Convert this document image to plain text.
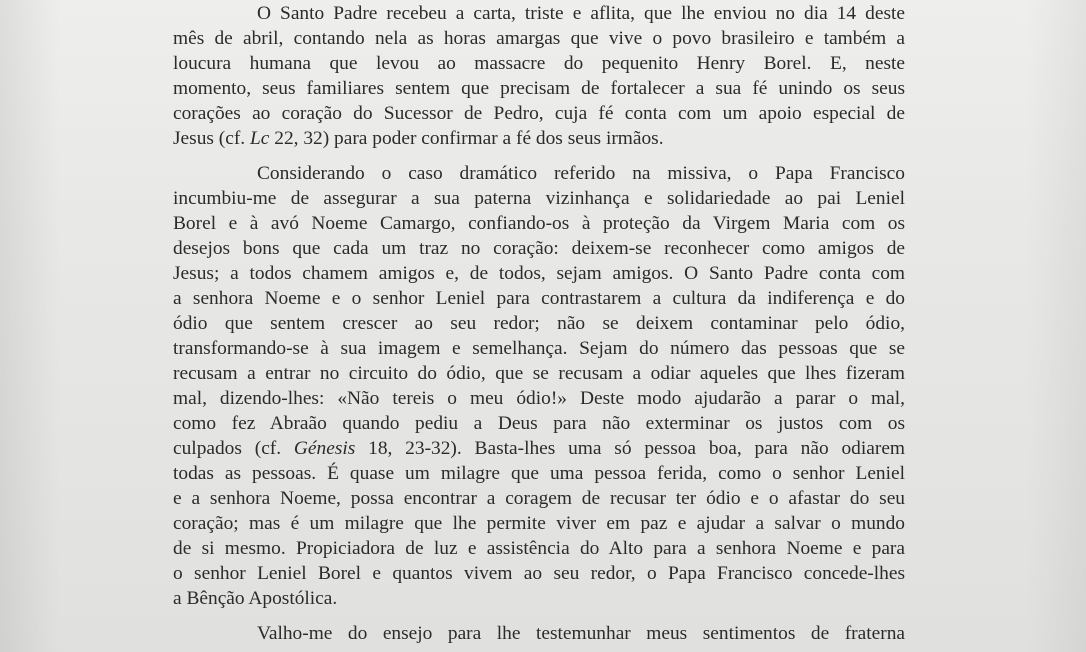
O Santo Padre recebeu a carta, triste e aflita, que lhe enviou no dia 14 deste

mês de abril, contando nela as horas amargas que vive o povo brasileiro e também a

loucura humana que levou ao massacre do pequenito Henry Borel. E, neste

momento, seus familiares sentem que precisam de fortalecer a sua fé unindo os seus

corações ao coração do Sucessor de Pedro, cuja fé conta com um apoio especial de

Jesus (cf. Lc 22, 32) para poder confirmar a fé dos seus irmãos.

Considerando o caso dramático referido na missiva, o Papa Francisco

incumbiu-me de assegurar a sua paterna vizinhança e solidariedade ao pai Leniel

Borel e à avó Noeme Camargo, confiando-os à proteção da Virgem Maria com os

desejos bons que cada um traz no coração: deixem-se reconhecer como amigos de

Jesus; a todos chamem amigos e, de todos, sejam amigos. O Santo Padre conta com

a senhora Noeme e o senhor Leniel para contrastarem a cultura da indiferença e do

ódio que sentem crescer ao seu redor; não se deixem contaminar pelo ódio,

transformando-se à sua imagem e semelhança. Sejam do número das pessoas que se

recusam a entrar no circuito do ódio, que se recusam a odiar aqueles que lhes fizeram

mal, dizendo-lhes: «Não tereis o meu ódio!» Deste modo ajudarão a parar o mal,

como fez Abraão quando pediu a Deus para não exterminar os justos com os

culpados (cf. Génesis 18, 23-32). Basta-lhes uma só pessoa boa, para não odiarem

todas as pessoas. É quase um milagre que uma pessoa ferida, como o senhor Leniel

e a senhora Noeme, possa encontrar a coragem de recusar ter ódio e o afastar do seu

coração; mas é um milagre que lhe permite viver em paz e ajudar a salvar o mundo

de si mesmo. Propiciadora de luz e assistência do Alto para a senhora Noeme e para

o senhor Leniel Borel e quantos vivem ao seu redor, o Papa Francisco concede-lhes

a Bênção Apostólica.

Valho-me do ensejo para lhe testemunhar meus sentimentos de fraterna
